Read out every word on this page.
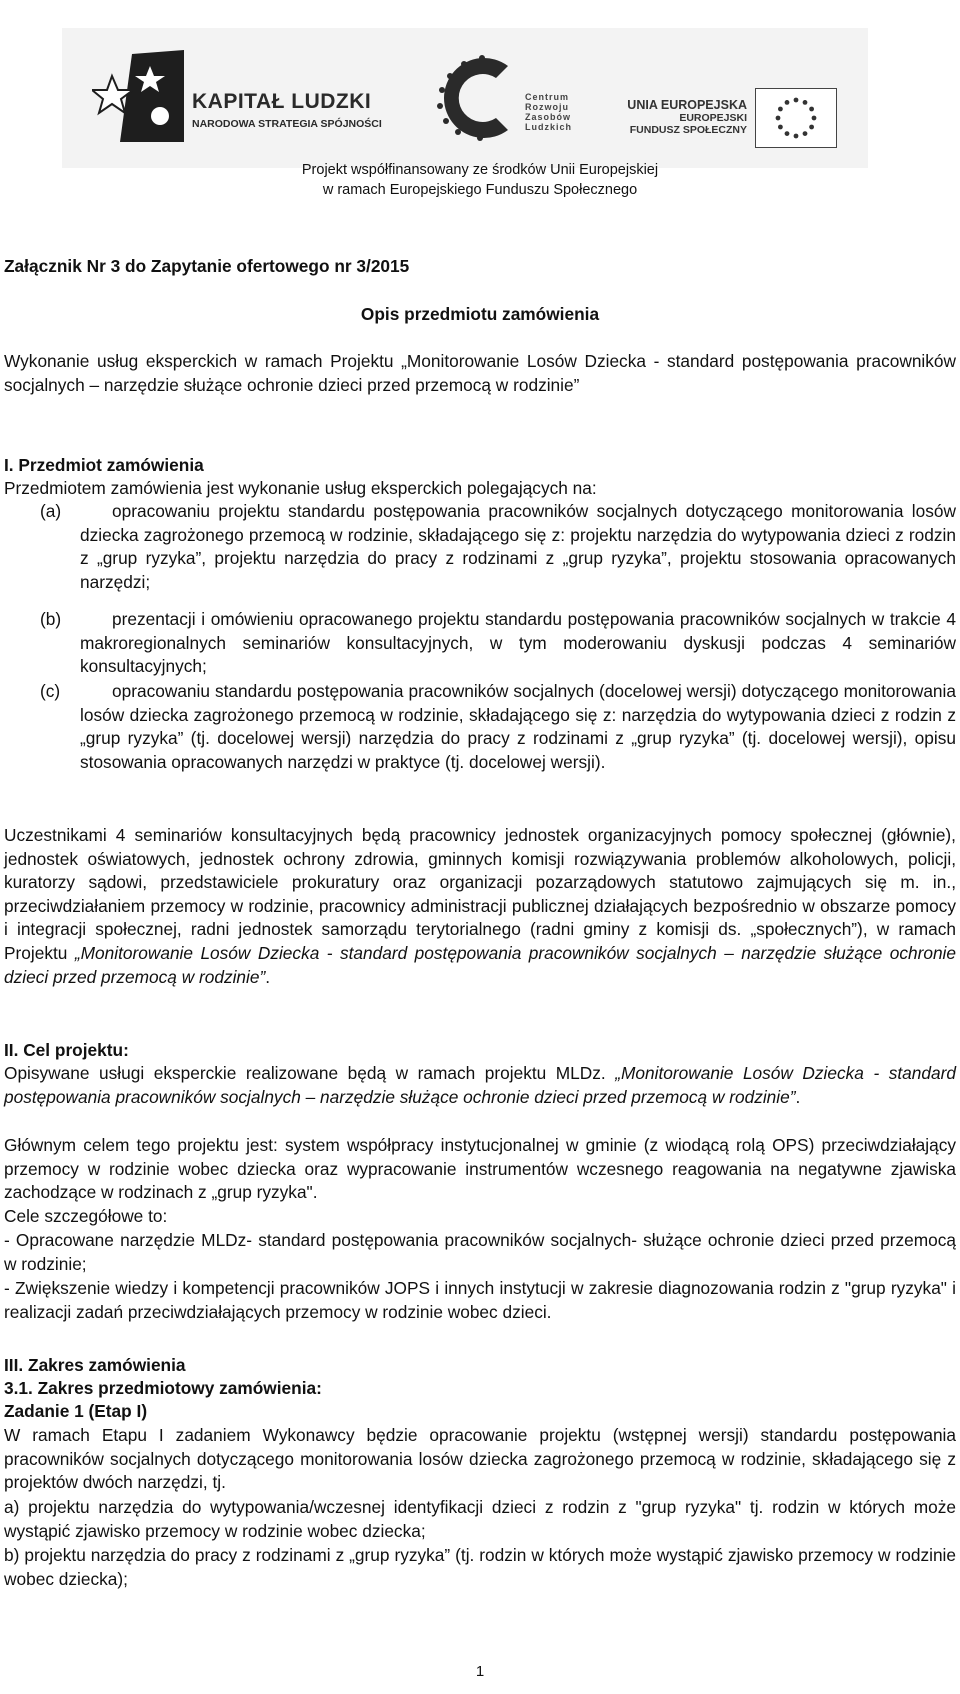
KAPITAŁ LUDZKI
NARODOWA STRATEGIA SPÓJNOŚCI
Centrum
Rozwoju
Zasobów
Ludzkich
UNIA EUROPEJSKA
EUROPEJSKI
FUNDUSZ SPOŁECZNY
Projekt współfinansowany ze środków Unii Europejskiej
w ramach Europejskiego Funduszu Społecznego

Załącznik Nr 3 do Zapytanie ofertowego nr 3/2015

Opis przedmiotu zamówienia

Wykonanie usług eksperckich w ramach Projektu „Monitorowanie Losów Dziecka - standard postępowania pracowników socjalnych – narzędzie służące ochronie dzieci przed przemocą w rodzinie”

I. Przedmiot zamówienia

Przedmiotem zamówienia jest wykonanie usług eksperckich polegających na:

(a)	opracowaniu projektu standardu postępowania pracowników socjalnych dotyczącego monitorowania losów dziecka zagrożonego przemocą w rodzinie, składającego się z: projektu narzędzia do wytypowania dzieci z rodzin z „grup ryzyka”, projektu narzędzia do pracy z rodzinami z „grup ryzyka”, projektu stosowania opracowanych narzędzi;

(b)	prezentacji i omówieniu opracowanego projektu standardu postępowania pracowników socjalnych w trakcie 4 makroregionalnych seminariów konsultacyjnych, w tym moderowaniu dyskusji podczas 4 seminariów konsultacyjnych;

(c)	opracowaniu standardu postępowania pracowników socjalnych (docelowej wersji) dotyczącego monitorowania losów dziecka zagrożonego przemocą w rodzinie, składającego się z: narzędzia do wytypowania dzieci z rodzin z „grup ryzyka” (tj. docelowej wersji) narzędzia do pracy z rodzinami z „grup ryzyka” (tj. docelowej wersji), opisu stosowania opracowanych narzędzi w praktyce (tj. docelowej wersji).

Uczestnikami 4 seminariów konsultacyjnych będą pracownicy jednostek organizacyjnych pomocy społecznej (głównie), jednostek oświatowych, jednostek ochrony zdrowia, gminnych komisji rozwiązywania problemów alkoholowych, policji, kuratorzy sądowi, przedstawiciele prokuratury oraz organizacji pozarządowych statutowo zajmujących się m. in., przeciwdziałaniem przemocy w rodzinie, pracownicy administracji publicznej działających bezpośrednio w obszarze pomocy i integracji społecznej, radni jednostek samorządu terytorialnego (radni gminy z komisji ds. „społecznych”), w ramach Projektu „Monitorowanie Losów Dziecka - standard postępowania pracowników socjalnych – narzędzie służące ochronie dzieci przed przemocą w rodzinie”.

II. Cel projektu:

Opisywane usługi eksperckie realizowane będą w ramach projektu MLDz. „Monitorowanie Losów Dziecka - standard postępowania pracowników socjalnych – narzędzie służące ochronie dzieci przed przemocą w rodzinie”.

Głównym celem tego projektu jest: system współpracy instytucjonalnej w gminie (z wiodącą rolą OPS) przeciwdziałający przemocy w rodzinie wobec dziecka oraz wypracowanie instrumentów wczesnego reagowania na negatywne zjawiska zachodzące w rodzinach z „grup ryzyka".

Cele szczegółowe to:

- Opracowane narzędzie MLDz- standard postępowania pracowników socjalnych- służące ochronie dzieci przed przemocą w rodzinie;

- Zwiększenie wiedzy i kompetencji pracowników JOPS i innych instytucji w zakresie diagnozowania rodzin z "grup ryzyka" i realizacji zadań przeciwdziałających przemocy w rodzinie wobec dzieci.

III. Zakres zamówienia

3.1. Zakres przedmiotowy zamówienia:

Zadanie 1 (Etap I)

W ramach Etapu I zadaniem Wykonawcy będzie opracowanie projektu (wstępnej wersji) standardu postępowania pracowników socjalnych dotyczącego monitorowania losów dziecka zagrożonego przemocą w rodzinie, składającego się z projektów dwóch narzędzi, tj.

a) projektu narzędzia do wytypowania/wczesnej identyfikacji dzieci z rodzin z "grup ryzyka" tj. rodzin w których może wystąpić zjawisko przemocy w rodzinie wobec dziecka;

b) projektu narzędzia do pracy z rodzinami z „grup ryzyka” (tj. rodzin w których może wystąpić zjawisko przemocy w rodzinie wobec dziecka);

1
